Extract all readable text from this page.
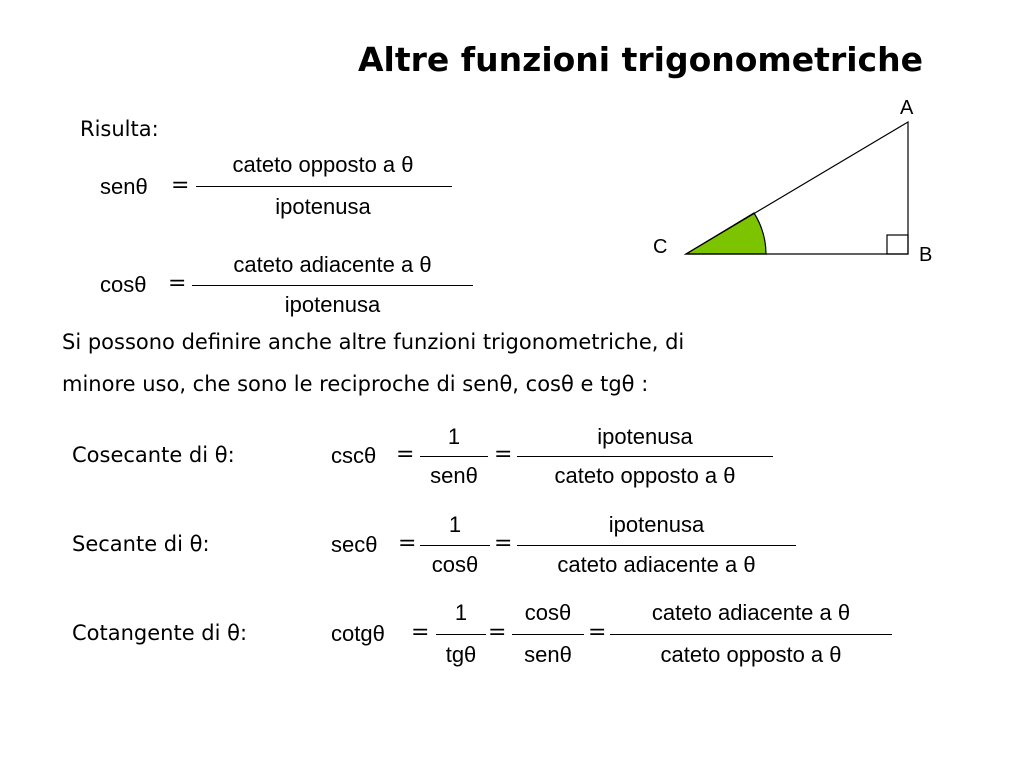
Altre funzioni trigonometriche
Risulta:
senθ =
cateto opposto a θ
ipotenusa
cosθ =
cateto adiacente a θ
ipotenusa
A
B
C
Si possono definire anche altre funzioni trigonometriche, di
minore uso, che sono le reciproche di senθ, cosθ e tgθ :
Cosecante di θ:	cscθ =
1
senθ
=
ipotenusa
cateto opposto a θ
Secante di θ:	secθ =
1
cosθ
=
ipotenusa
cateto adiacente a θ
Cotangente di θ:	cotgθ =
1
tgθ
=
cosθ
senθ
=
cateto adiacente a θ
cateto opposto a θ
